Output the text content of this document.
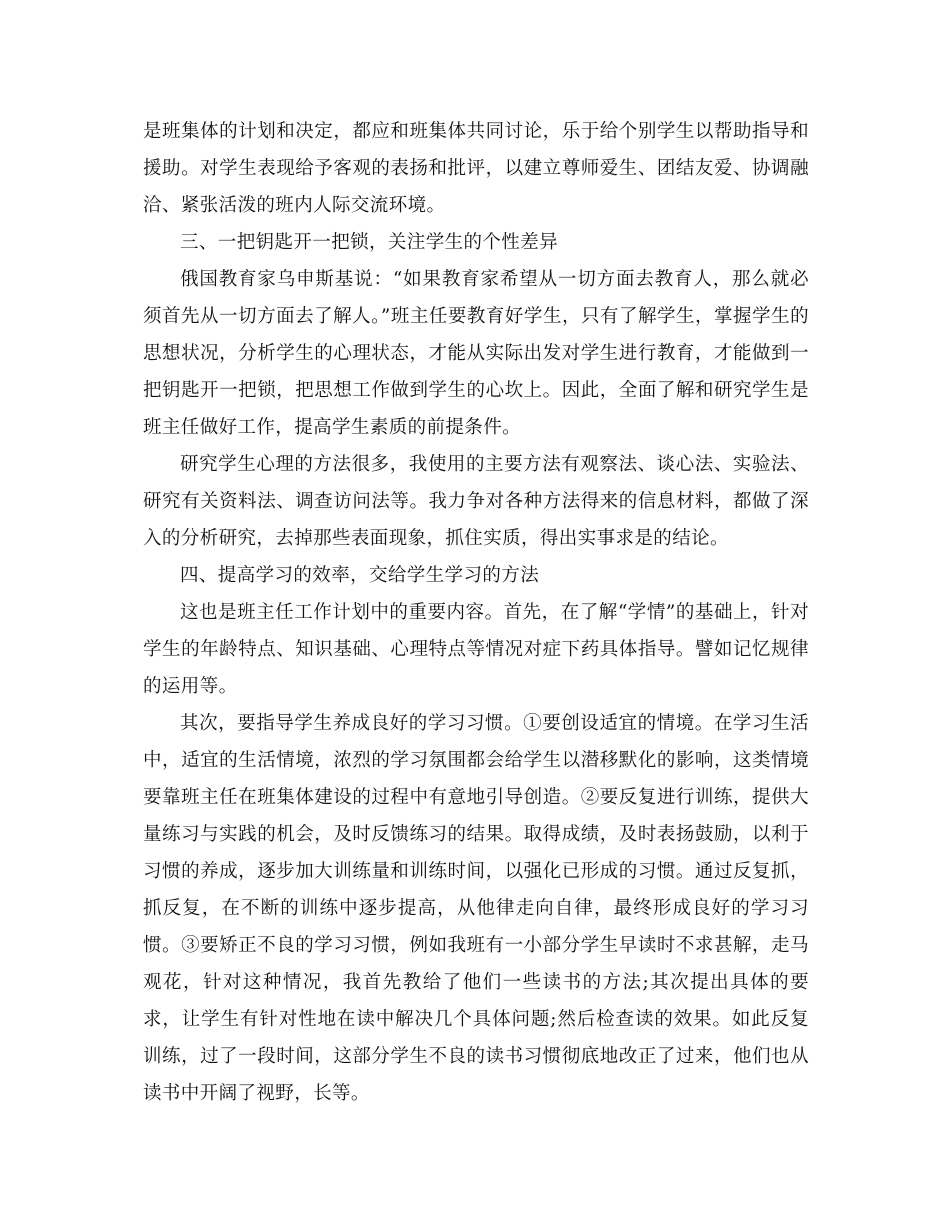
是班集体的计划和决定，都应和班集体共同讨论，乐于给个别学生以帮助指导和援助。对学生表现给予客观的表扬和批评，以建立尊师爱生、团结友爱、协调融洽、紧张活泼的班内人际交流环境。

三、一把钥匙开一把锁，关注学生的个性差异

俄国教育家乌申斯基说：“如果教育家希望从一切方面去教育人，那么就必须首先从一切方面去了解人。”班主任要教育好学生，只有了解学生，掌握学生的思想状况，分析学生的心理状态，才能从实际出发对学生进行教育，才能做到一把钥匙开一把锁，把思想工作做到学生的心坎上。因此，全面了解和研究学生是班主任做好工作，提高学生素质的前提条件。

研究学生心理的方法很多，我使用的主要方法有观察法、谈心法、实验法、研究有关资料法、调查访问法等。我力争对各种方法得来的信息材料，都做了深入的分析研究，去掉那些表面现象，抓住实质，得出实事求是的结论。

四、提高学习的效率，交给学生学习的方法

这也是班主任工作计划中的重要内容。首先，在了解“学情”的基础上，针对学生的年龄特点、知识基础、心理特点等情况对症下药具体指导。譬如记忆规律的运用等。

其次，要指导学生养成良好的学习习惯。①要创设适宜的情境。在学习生活中，适宜的生活情境，浓烈的学习氛围都会给学生以潜移默化的影响，这类情境要靠班主任在班集体建设的过程中有意地引导创造。②要反复进行训练，提供大量练习与实践的机会，及时反馈练习的结果。取得成绩，及时表扬鼓励，以利于习惯的养成，逐步加大训练量和训练时间，以强化已形成的习惯。通过反复抓，抓反复，在不断的训练中逐步提高，从他律走向自律，最终形成良好的学习习惯。③要矫正不良的学习习惯，例如我班有一小部分学生早读时不求甚解，走马观花，针对这种情况，我首先教给了他们一些读书的方法;其次提出具体的要求，让学生有针对性地在读中解决几个具体问题;然后检查读的效果。如此反复训练，过了一段时间，这部分学生不良的读书习惯彻底地改正了过来，他们也从读书中开阔了视野，长等。
